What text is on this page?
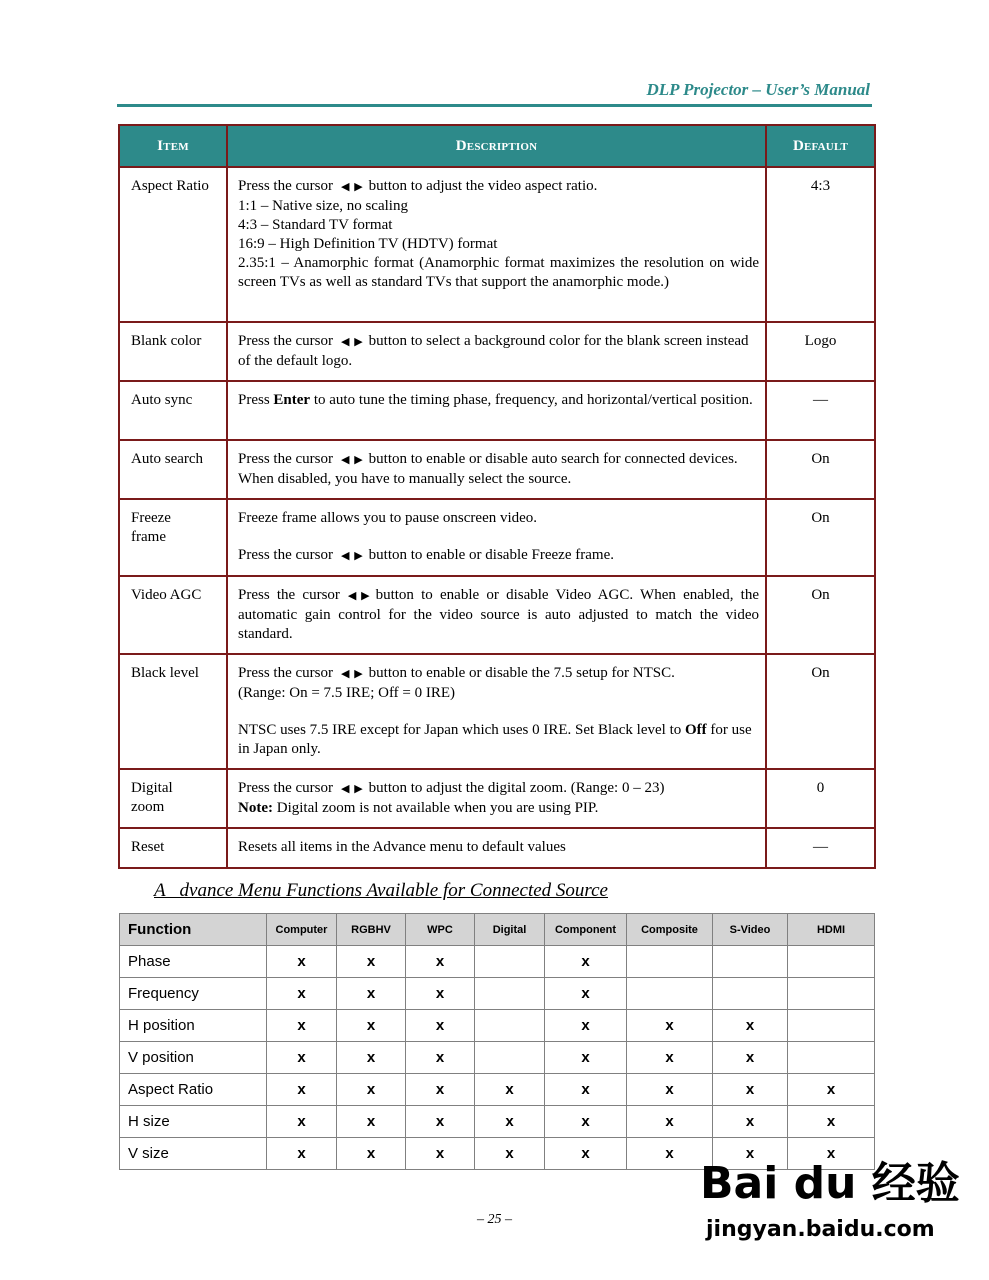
DLP Projector – User’s Manual
Item	Description	Default
Aspect Ratio	Press the cursor ◀ ▶ button to adjust the video aspect ratio.
1:1 – Native size, no scaling
4:3 – Standard TV format
16:9 – High Definition TV (HDTV) format
2.35:1 – Anamorphic format (Anamorphic format maximizes the resolution on wide screen TVs as well as standard TVs that support the anamorphic mode.)	4:3
Blank color	Press the cursor ◀ ▶ button to select a background color for the blank screen instead of the default logo.	Logo
Auto sync	Press Enter to auto tune the timing phase, frequency, and horizontal/vertical position.	—
Auto search	Press the cursor ◀ ▶ button to enable or disable auto search for connected devices. When disabled, you have to manually select the source.	On
Freeze frame	Freeze frame allows you to pause onscreen video.
Press the cursor ◀ ▶ button to enable or disable Freeze frame.	On
Video AGC	Press the cursor ◀ ▶ button to enable or disable Video AGC. When enabled, the automatic gain control for the video source is auto adjusted to match the video standard.	On
Black level	Press the cursor ◀ ▶ button to enable or disable the 7.5 setup for NTSC.
(Range: On = 7.5 IRE; Off = 0 IRE)
NTSC uses 7.5 IRE except for Japan which uses 0 IRE. Set Black level to Off for use in Japan only.	On
Digital zoom	Press the cursor ◀ ▶ button to adjust the digital zoom. (Range: 0 – 23)
Note: Digital zoom is not available when you are using PIP.	0
Reset	Resets all items in the Advance menu to default values	—
A   dvance Menu Functions Available for Connected Source
Function	Computer	RGBHV	WPC	Digital	Component	Composite	S-Video	HDMI
Phase	x	x	x		x			
Frequency	x	x	x		x			
H position	x	x	x		x	x	x	
V position	x	x	x		x	x	x	
Aspect Ratio	x	x	x	x	x	x	x	x
H size	x	x	x	x	x	x	x	x
V size	x	x	x	x	x	x	x	x
– 25 –
Bai du 经验
jingyan.baidu.com
